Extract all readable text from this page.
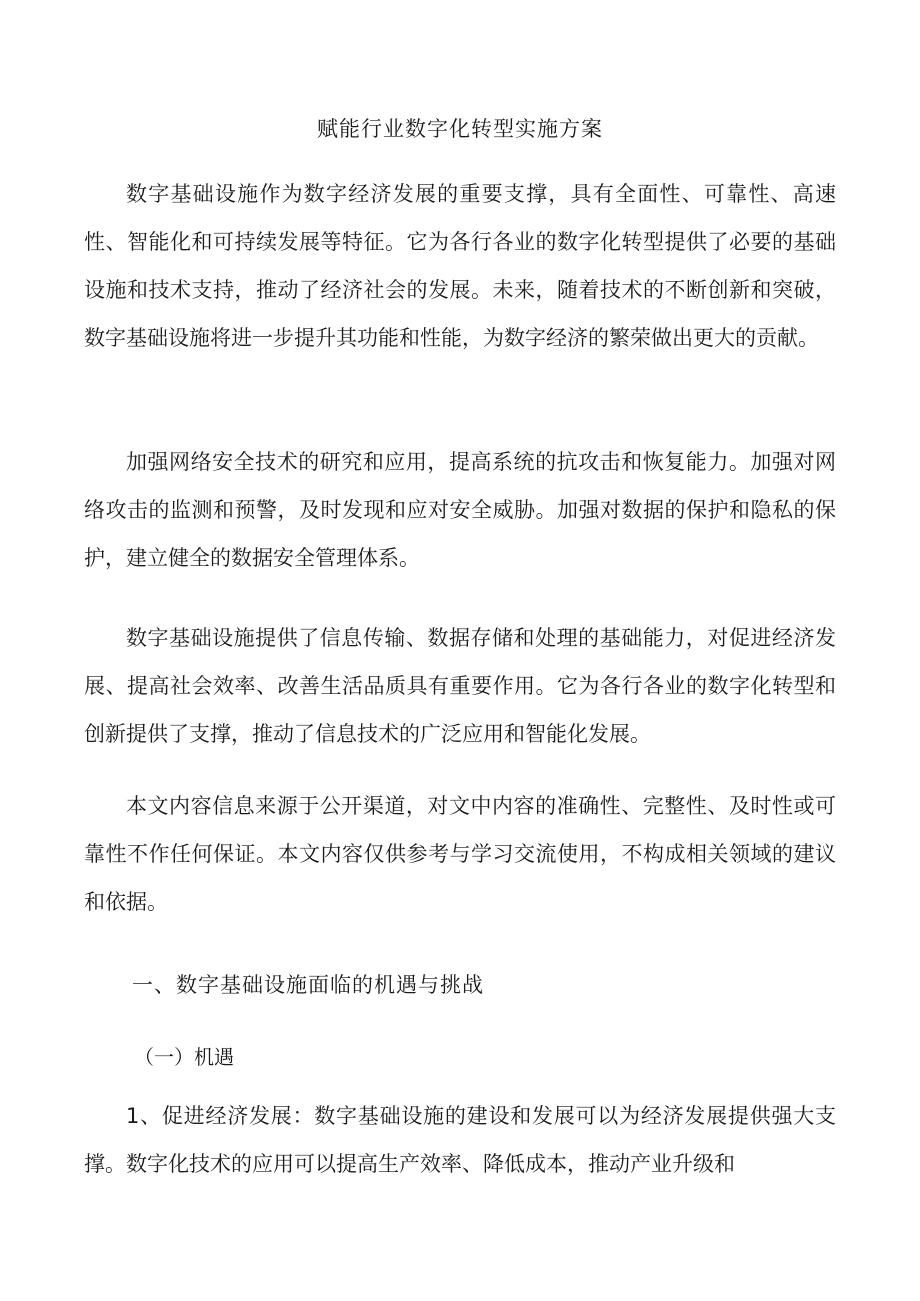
赋能行业数字化转型实施方案

数字基础设施作为数字经济发展的重要支撑，具有全面性、可靠性、高速性、智能化和可持续发展等特征。它为各行各业的数字化转型提供了必要的基础设施和技术支持，推动了经济社会的发展。未来，随着技术的不断创新和突破，数字基础设施将进一步提升其功能和性能，为数字经济的繁荣做出更大的贡献。

加强网络安全技术的研究和应用，提高系统的抗攻击和恢复能力。加强对网络攻击的监测和预警，及时发现和应对安全威胁。加强对数据的保护和隐私的保护，建立健全的数据安全管理体系。

数字基础设施提供了信息传输、数据存储和处理的基础能力，对促进经济发展、提高社会效率、改善生活品质具有重要作用。它为各行各业的数字化转型和创新提供了支撑，推动了信息技术的广泛应用和智能化发展。

本文内容信息来源于公开渠道，对文中内容的准确性、完整性、及时性或可靠性不作任何保证。本文内容仅供参考与学习交流使用，不构成相关领域的建议和依据。

一、数字基础设施面临的机遇与挑战
（一）机遇

1、促进经济发展：数字基础设施的建设和发展可以为经济发展提供强大支撑。数字化技术的应用可以提高生产效率、降低成本，推动产业升级和
